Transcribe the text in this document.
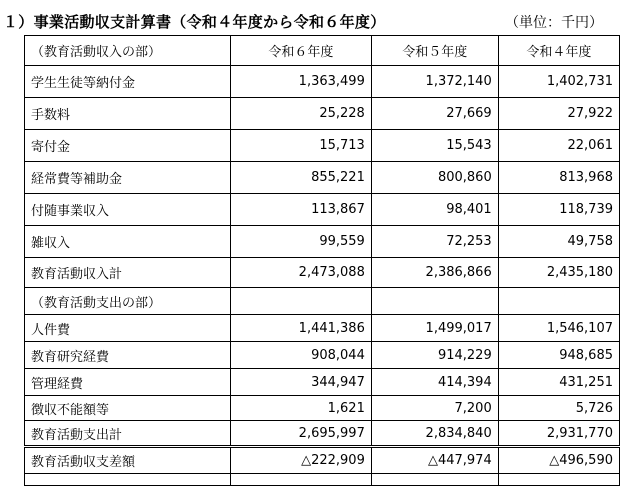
１）事業活動収支計算書（令和４年度から令和６年度）	（単位：千円）
（教育活動収入の部）	令和６年度	令和５年度	令和４年度
学生生徒等納付金	1,363,499	1,372,140	1,402,731
手数料	25,228	27,669	27,922
寄付金	15,713	15,543	22,061
経常費等補助金	855,221	800,860	813,968
付随事業収入	113,867	98,401	118,739
雑収入	99,559	72,253	49,758
教育活動収入計	2,473,088	2,386,866	2,435,180
（教育活動支出の部）			
人件費	1,441,386	1,499,017	1,546,107
教育研究経費	908,044	914,229	948,685
管理経費	344,947	414,394	431,251
徴収不能額等	1,621	7,200	5,726
教育活動支出計	2,695,997	2,834,840	2,931,770
教育活動収支差額	△222,909	△447,974	△496,590
